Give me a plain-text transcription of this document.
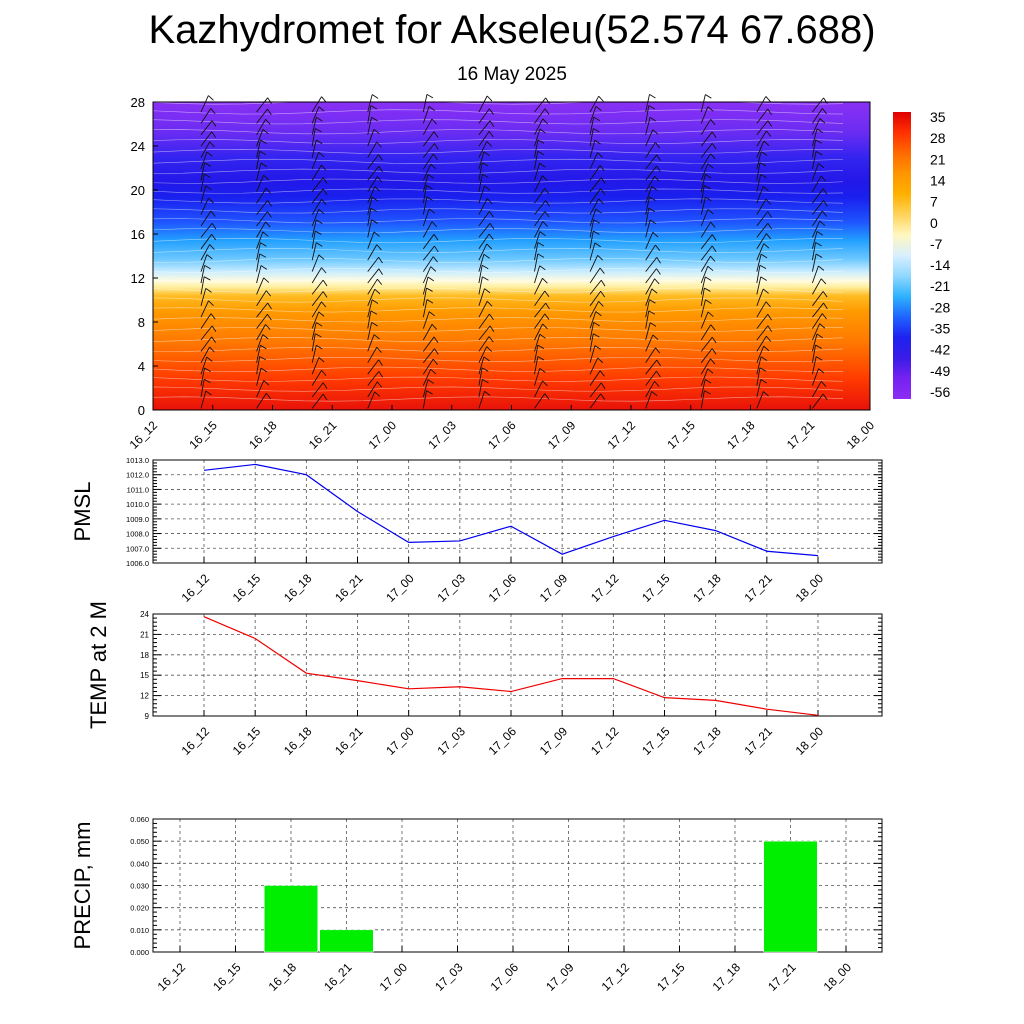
Kazhydromet for Akseleu(52.574 67.688)
16 May 2025
0
4
8
12
16
20
24
28
16_12 16_15 16_18 16_21 17_00 17_03 17_06 17_09 17_12 17_15 17_18 17_21 18_00
35
28
21
14
7
0
-7
-14
-21
-28
-35
-42
-49
-56
1006.0
1007.0
1008.0
1009.0
1010.0
1011.0
1012.0
1013.0
16_12 16_15 16_18 16_21 17_00 17_03 17_06 17_09 17_12 17_15 17_18 17_21 18_00
PMSL
9
12
15
18
21
24
16_12 16_15 16_18 16_21 17_00 17_03 17_06 17_09 17_12 17_15 17_18 17_21 18_00
TEMP at 2 M
0.000
0.010
0.020
0.030
0.040
0.050
0.060
16_12 16_15 16_18 16_21 17_00 17_03 17_06 17_09 17_12 17_15 17_18 17_21 18_00
PRECIP, mm
